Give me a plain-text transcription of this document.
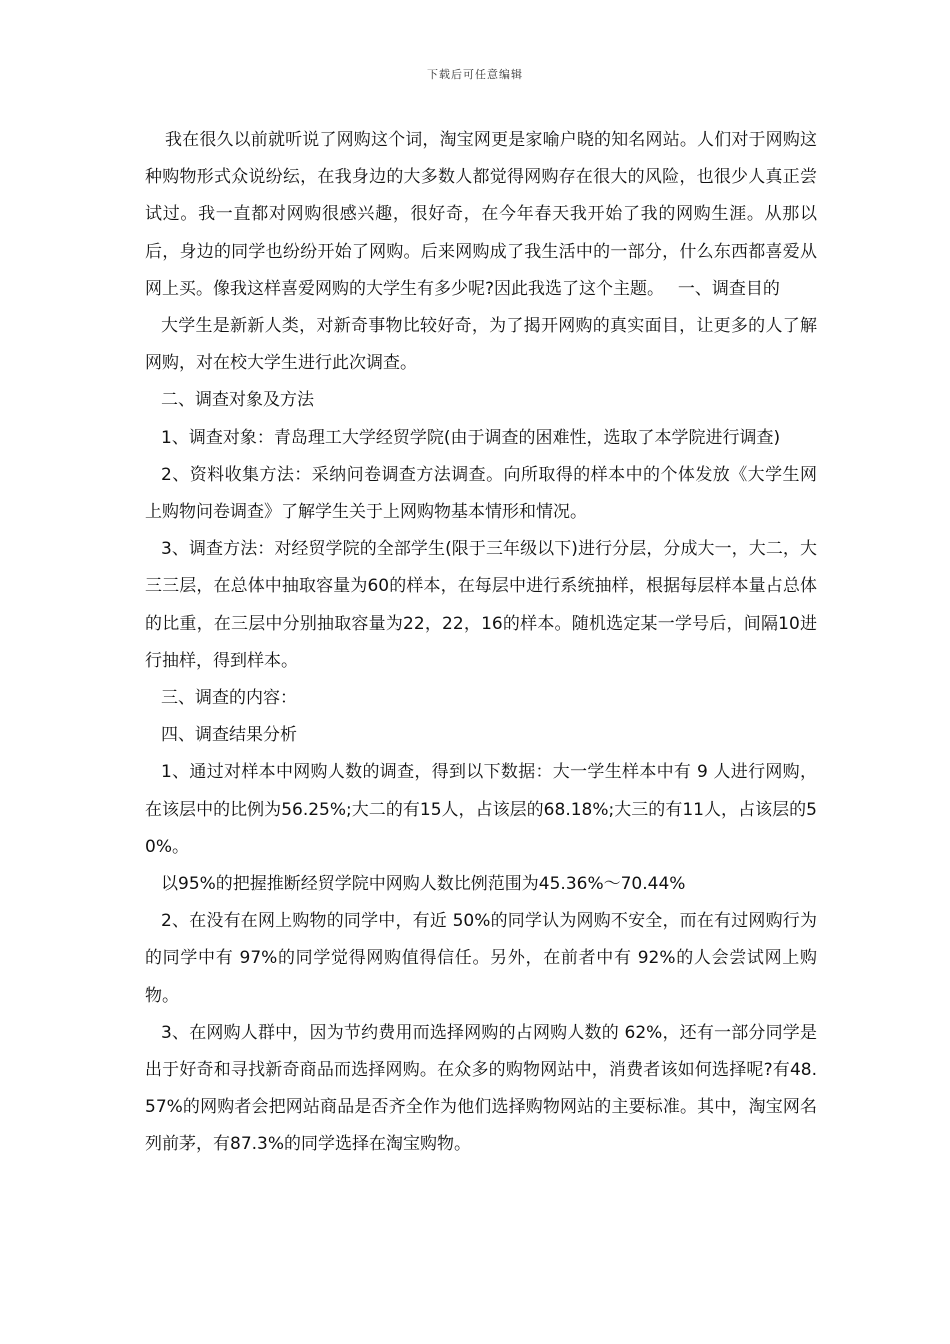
下载后可任意编辑

我在很久以前就听说了网购这个词，淘宝网更是家喻户晓的知名网站。人们对于网购这种购物形式众说纷纭，在我身边的大多数人都觉得网购存在很大的风险，也很少人真正尝试过。我一直都对网购很感兴趣，很好奇，在今年春天我开始了我的网购生涯。从那以后，身边的同学也纷纷开始了网购。后来网购成了我生活中的一部分，什么东西都喜爱从网上买。像我这样喜爱网购的大学生有多少呢?因此我选了这个主题。　 一、调查目的

大学生是新新人类，对新奇事物比较好奇，为了揭开网购的真实面目，让更多的人了解网购，对在校大学生进行此次调查。

二、调查对象及方法

1、调查对象：青岛理工大学经贸学院(由于调查的困难性，选取了本学院进行调查)

2、资料收集方法：采纳问卷调查方法调查。向所取得的样本中的个体发放《大学生网上购物问卷调查》了解学生关于上网购物基本情形和情况。

3、调查方法：对经贸学院的全部学生(限于三年级以下)进行分层，分成大一，大二，大三三层，在总体中抽取容量为60的样本，在每层中进行系统抽样，根据每层样本量占总体的比重，在三层中分别抽取容量为22，22，16的样本。随机选定某一学号后，间隔10进行抽样，得到样本。

三、调查的内容：

四、调查结果分析

1、通过对样本中网购人数的调查，得到以下数据：大一学生样本中有 9 人进行网购，在该层中的比例为56.25%;大二的有15人，占该层的68.18%;大三的有11人，占该层的50%。

以95%的把握推断经贸学院中网购人数比例范围为45.36%～70.44%

2、在没有在网上购物的同学中，有近 50%的同学认为网购不安全，而在有过网购行为的同学中有 97%的同学觉得网购值得信任。另外，在前者中有 92%的人会尝试网上购物。

3、在网购人群中，因为节约费用而选择网购的占网购人数的 62%，还有一部分同学是出于好奇和寻找新奇商品而选择网购。在众多的购物网站中，消费者该如何选择呢?有48.57%的网购者会把网站商品是否齐全作为他们选择购物网站的主要标准。其中，淘宝网名列前茅，有87.3%的同学选择在淘宝购物。
